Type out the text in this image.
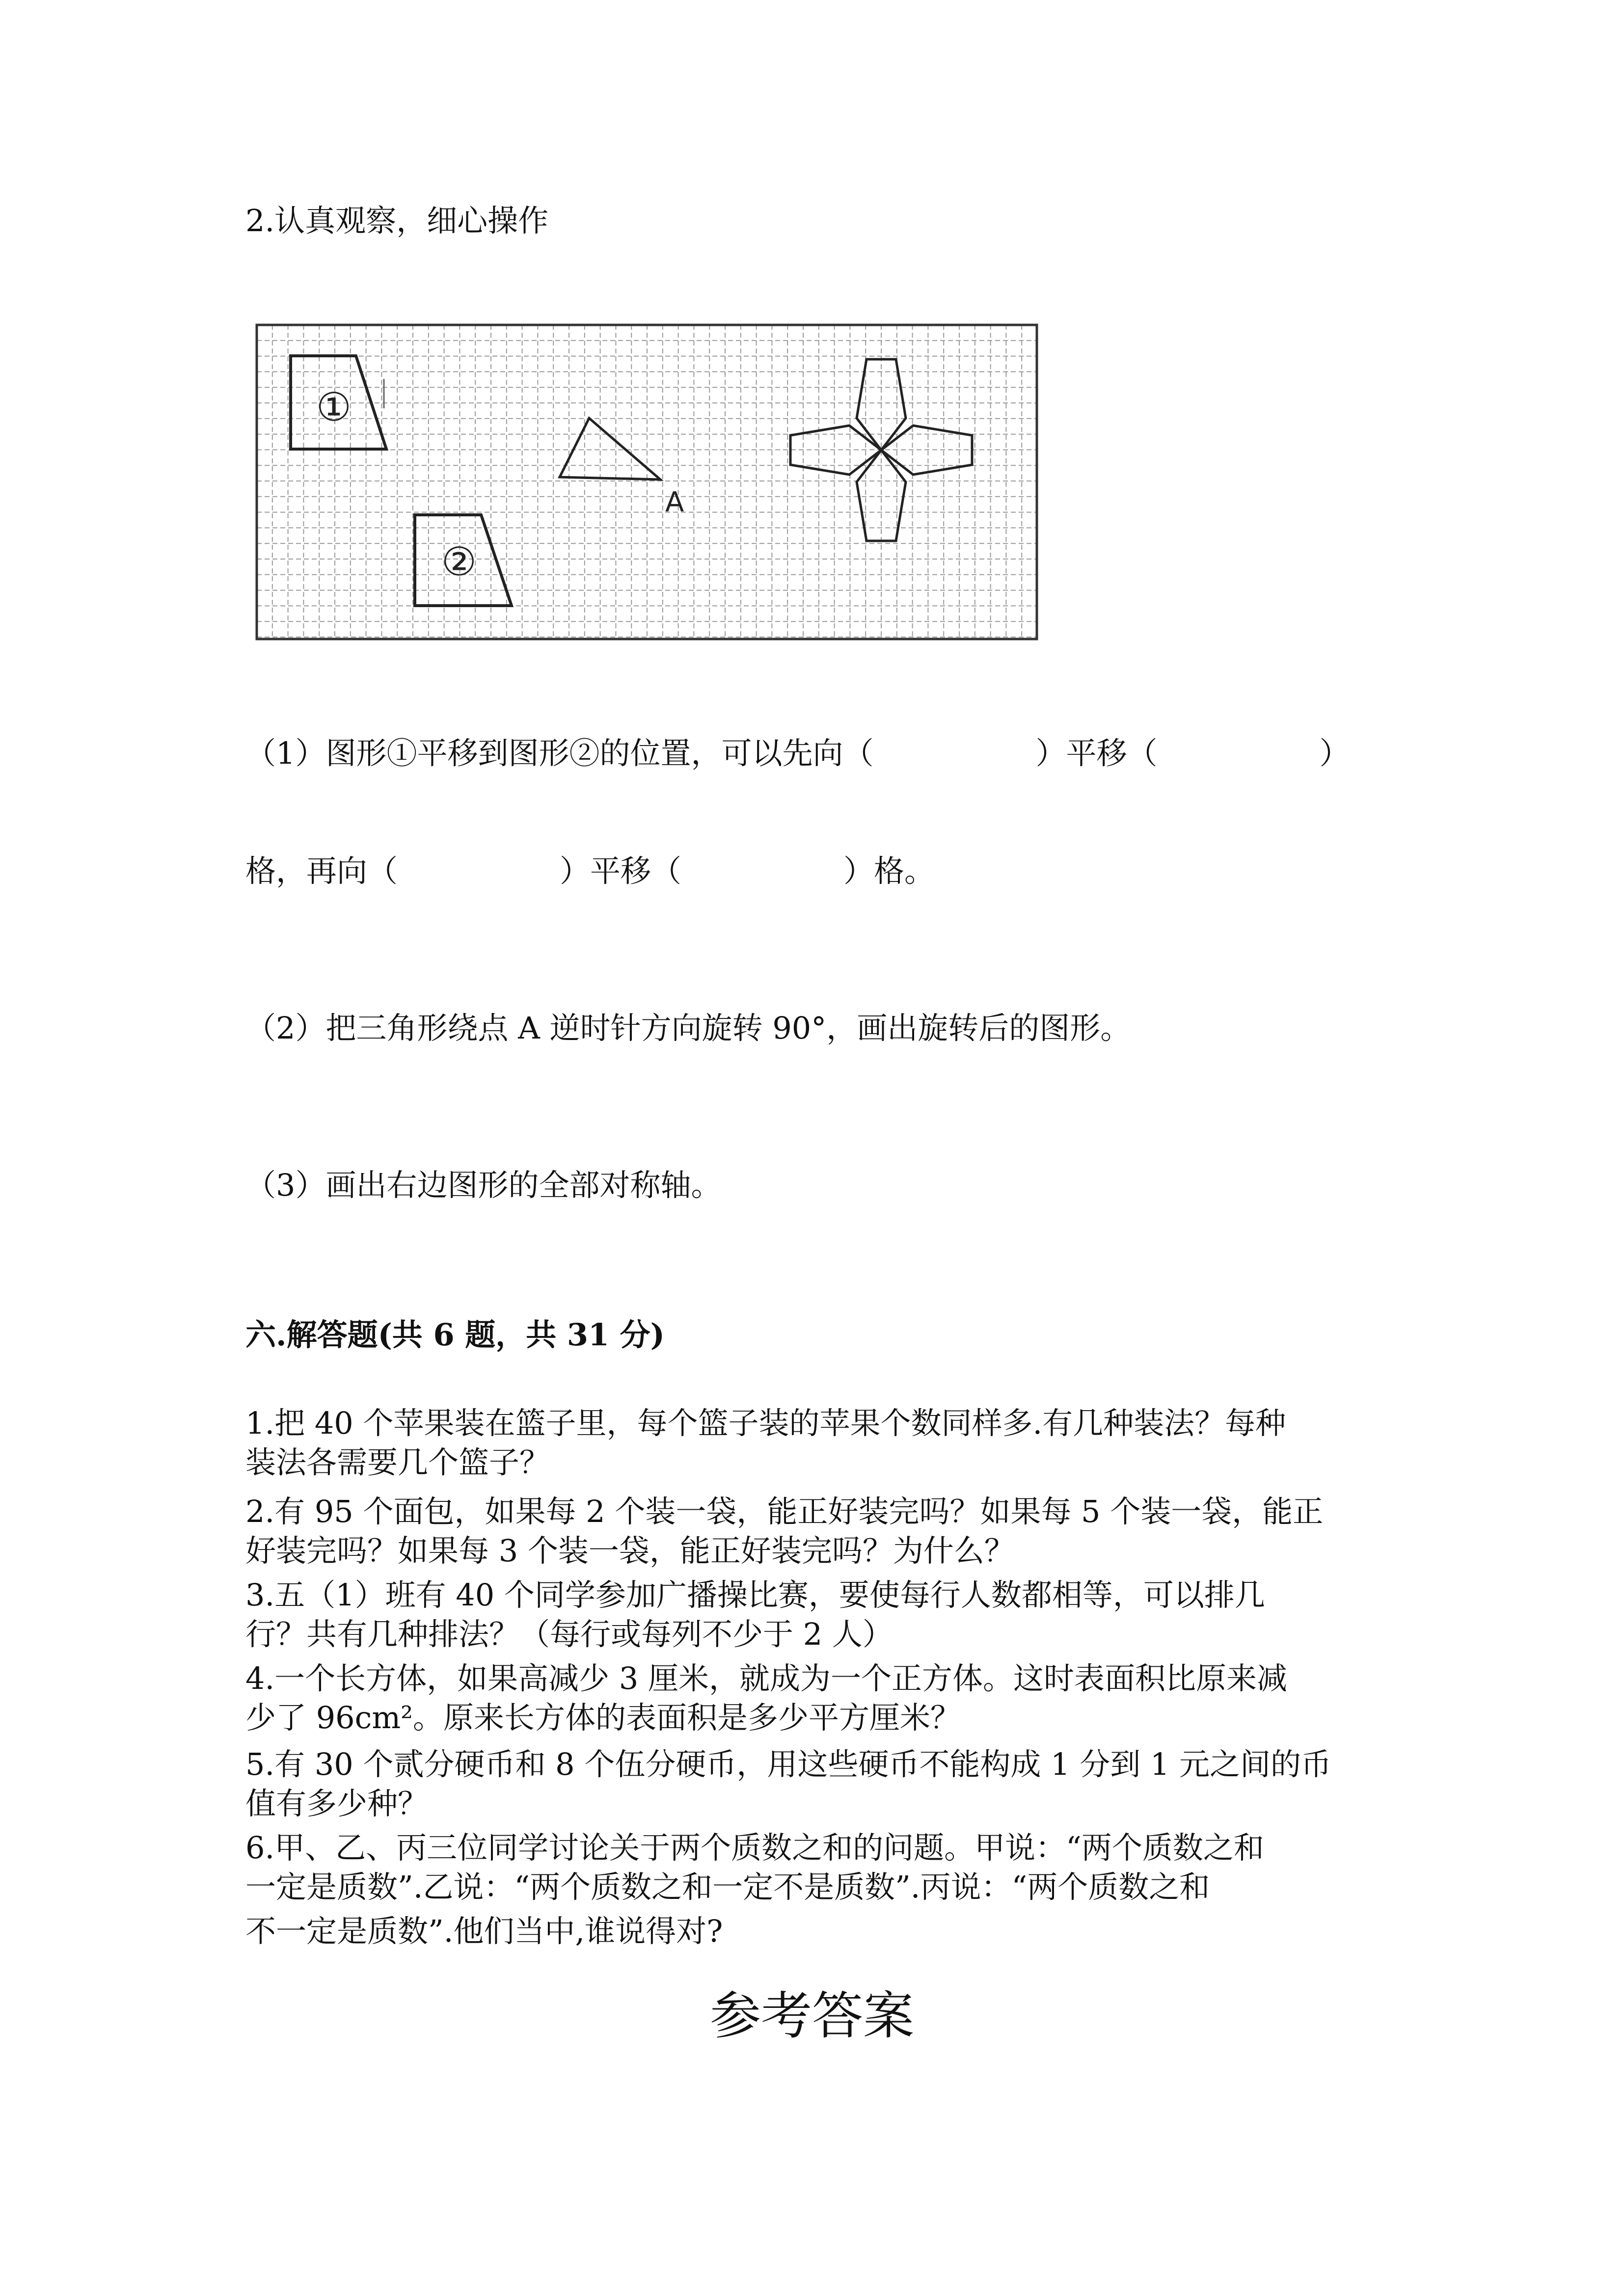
2.认真观察，细心操作
①
②
A
（1）图形①平移到图形②的位置，可以先向（	）平移（	）
格，再向（	）平移（	）格。
（2）把三角形绕点 A 逆时针方向旋转 90°，画出旋转后的图形。
（3）画出右边图形的全部对称轴。
六.解答题(共 6 题，共 31 分)
1.把 40 个苹果装在篮子里，每个篮子装的苹果个数同样多.有几种装法？每种
装法各需要几个篮子？
2.有 95 个面包，如果每 2 个装一袋，能正好装完吗？如果每 5 个装一袋，能正
好装完吗？如果每 3 个装一袋，能正好装完吗？为什么？
3.五（1）班有 40 个同学参加广播操比赛，要使每行人数都相等，可以排几
行？共有几种排法？（每行或每列不少于 2 人）
4.一个长方体，如果高减少 3 厘米，就成为一个正方体。这时表面积比原来减
少了 96cm²。原来长方体的表面积是多少平方厘米？
5.有 30 个贰分硬币和 8 个伍分硬币，用这些硬币不能构成 1 分到 1 元之间的币
值有多少种？
6.甲、乙、丙三位同学讨论关于两个质数之和的问题。甲说：“两个质数之和
一定是质数”.乙说：“两个质数之和一定不是质数”.丙说：“两个质数之和
不一定是质数”.他们当中,谁说得对?
参考答案
